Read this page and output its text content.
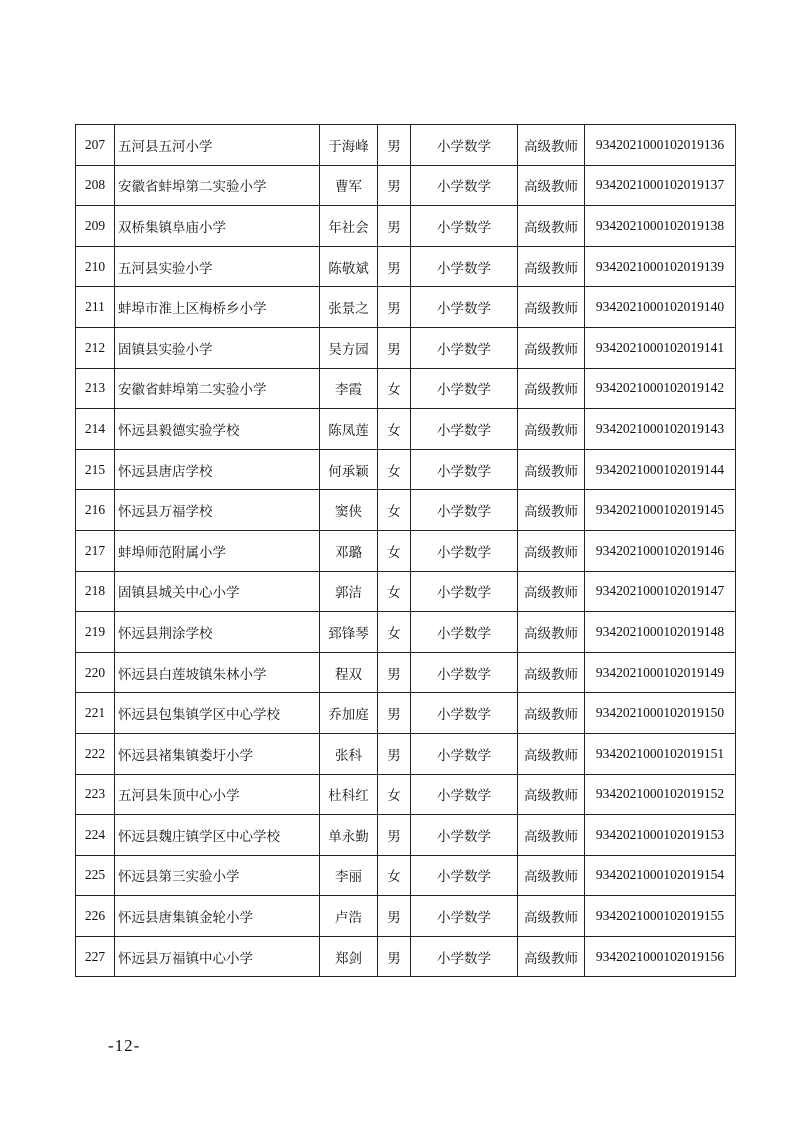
207	五河县五河小学	于海峰	男	小学数学	高级教师	9342021000102019136
208	安徽省蚌埠第二实验小学	曹军	男	小学数学	高级教师	9342021000102019137
209	双桥集镇阜庙小学	年社会	男	小学数学	高级教师	9342021000102019138
210	五河县实验小学	陈敬斌	男	小学数学	高级教师	9342021000102019139
211	蚌埠市淮上区梅桥乡小学	张景之	男	小学数学	高级教师	9342021000102019140
212	固镇县实验小学	吴方园	男	小学数学	高级教师	9342021000102019141
213	安徽省蚌埠第二实验小学	李霞	女	小学数学	高级教师	9342021000102019142
214	怀远县毅德实验学校	陈凤莲	女	小学数学	高级教师	9342021000102019143
215	怀远县唐店学校	何承颖	女	小学数学	高级教师	9342021000102019144
216	怀远县万福学校	窦侠	女	小学数学	高级教师	9342021000102019145
217	蚌埠师范附属小学	邓璐	女	小学数学	高级教师	9342021000102019146
218	固镇县城关中心小学	郭洁	女	小学数学	高级教师	9342021000102019147
219	怀远县荆涂学校	郅锋琴	女	小学数学	高级教师	9342021000102019148
220	怀远县白莲坡镇朱林小学	程双	男	小学数学	高级教师	9342021000102019149
221	怀远县包集镇学区中心学校	乔加庭	男	小学数学	高级教师	9342021000102019150
222	怀远县褚集镇娄圩小学	张科	男	小学数学	高级教师	9342021000102019151
223	五河县朱顶中心小学	杜科红	女	小学数学	高级教师	9342021000102019152
224	怀远县魏庄镇学区中心学校	单永勤	男	小学数学	高级教师	9342021000102019153
225	怀远县第三实验小学	李丽	女	小学数学	高级教师	9342021000102019154
226	怀远县唐集镇金轮小学	卢浩	男	小学数学	高级教师	9342021000102019155
227	怀远县万福镇中心小学	郑剑	男	小学数学	高级教师	9342021000102019156
-12-
